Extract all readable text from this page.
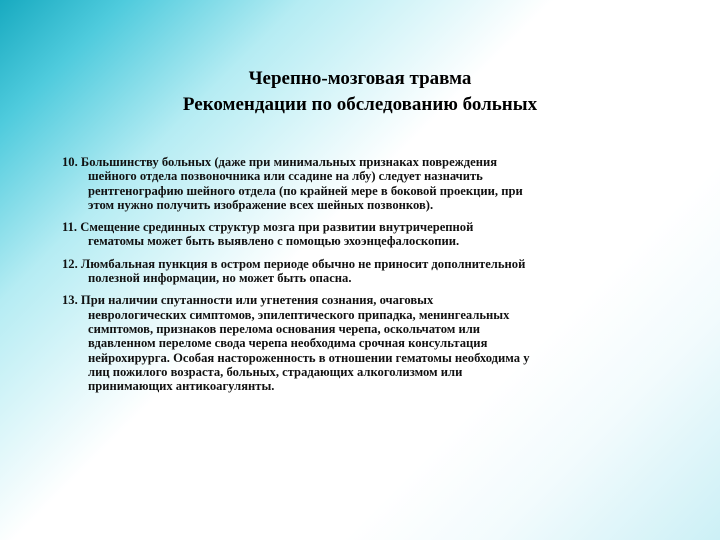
Черепно-мозговая травма
Рекомендации по обследованию больных
10. Большинству больных (даже при минимальных признаках повреждения
шейного отдела позвоночника или ссадине на лбу) следует назначить
рентгенографию шейного отдела (по крайней мере в боковой проекции, при
этом нужно получить изображение всех шейных позвонков).
11. Смещение срединных структур мозга при развитии внутричерепной
гематомы может быть выявлено с помощью эхоэнцефалоскопии.
12. Люмбальная пункция в остром периоде обычно не приносит дополнительной
полезной информации, но может быть опасна.
13. При наличии спутанности или угнетения сознания, очаговых
неврологических симптомов, эпилептического припадка, менингеальных
симптомов, признаков перелома основания черепа, оскольчатом или
вдавленном переломе свода черепа необходима срочная консультация
нейрохирурга. Особая настороженность в отношении гематомы необходима у
лиц пожилого возраста, больных, страдающих алкоголизмом или
принимающих антикоагулянты.
